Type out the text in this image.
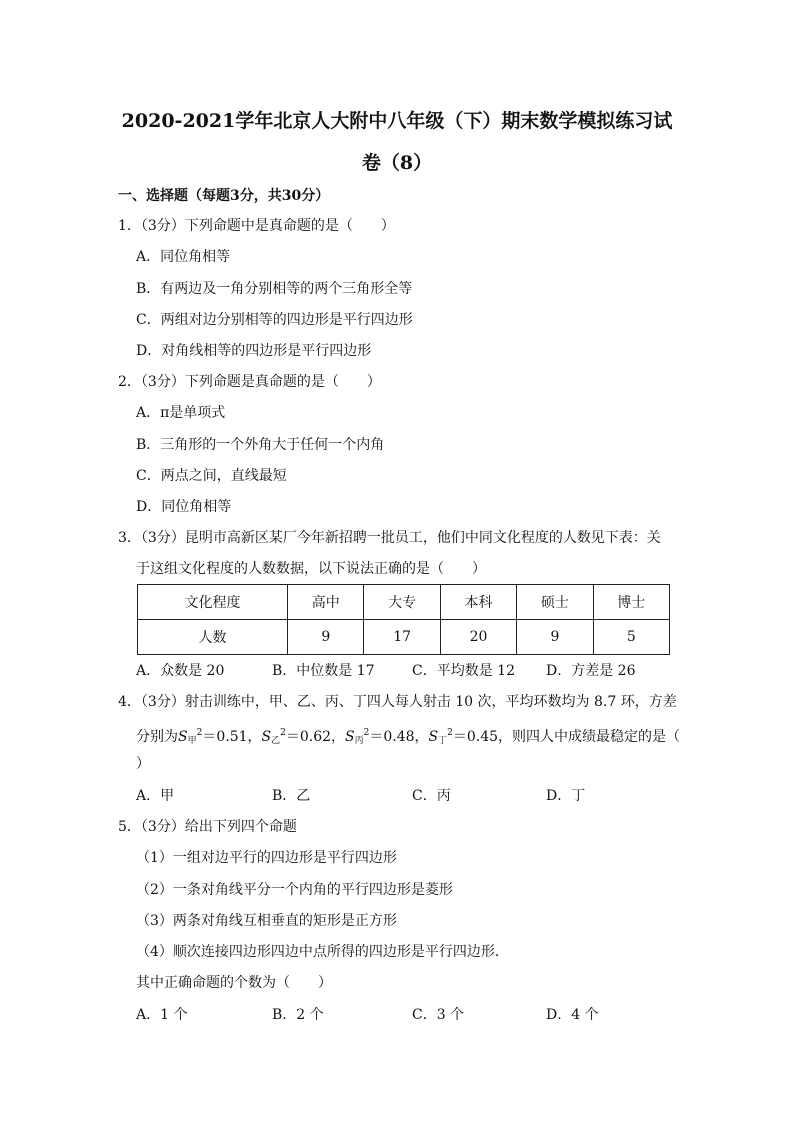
2020-2021学年北京人大附中八年级（下）期末数学模拟练习试
卷（8）
一、选择题（每题3分，共30分）
1．（3分）下列命题中是真命题的是（　　）
A．同位角相等
B．有两边及一角分别相等的两个三角形全等
C．两组对边分别相等的四边形是平行四边形
D．对角线相等的四边形是平行四边形
2．（3分）下列命题是真命题的是（　　）
A．π是单项式
B．三角形的一个外角大于任何一个内角
C．两点之间，直线最短
D．同位角相等
3．（3分）昆明市高新区某厂今年新招聘一批员工，他们中同文化程度的人数见下表：关
于这组文化程度的人数数据，以下说法正确的是（　　）
文化程度	高中	大专	本科	硕士	博士
人数	9	17	20	9	5
A．众数是 20	B．中位数是 17	C．平均数是 12 D．方差是 26
4．（3分）射击训练中，甲、乙、丙、丁四人每人射击 10 次，平均环数均为 8.7 环，方差
分别为$S_甲^2=0.51$，$S_乙^2=0.62$，$S_丙^2=0.48$，$S_丁^2=0.45$，则四人中成绩最稳定的是（
）
A．甲	B．乙	C．丙	D．丁
5．（3分）给出下列四个命题
（1）一组对边平行的四边形是平行四边形
（2）一条对角线平分一个内角的平行四边形是菱形
（3）两条对角线互相垂直的矩形是正方形
（4）顺次连接四边形四边中点所得的四边形是平行四边形．
其中正确命题的个数为（　　）
A．1 个	B．2 个	C．3 个	D．4 个
